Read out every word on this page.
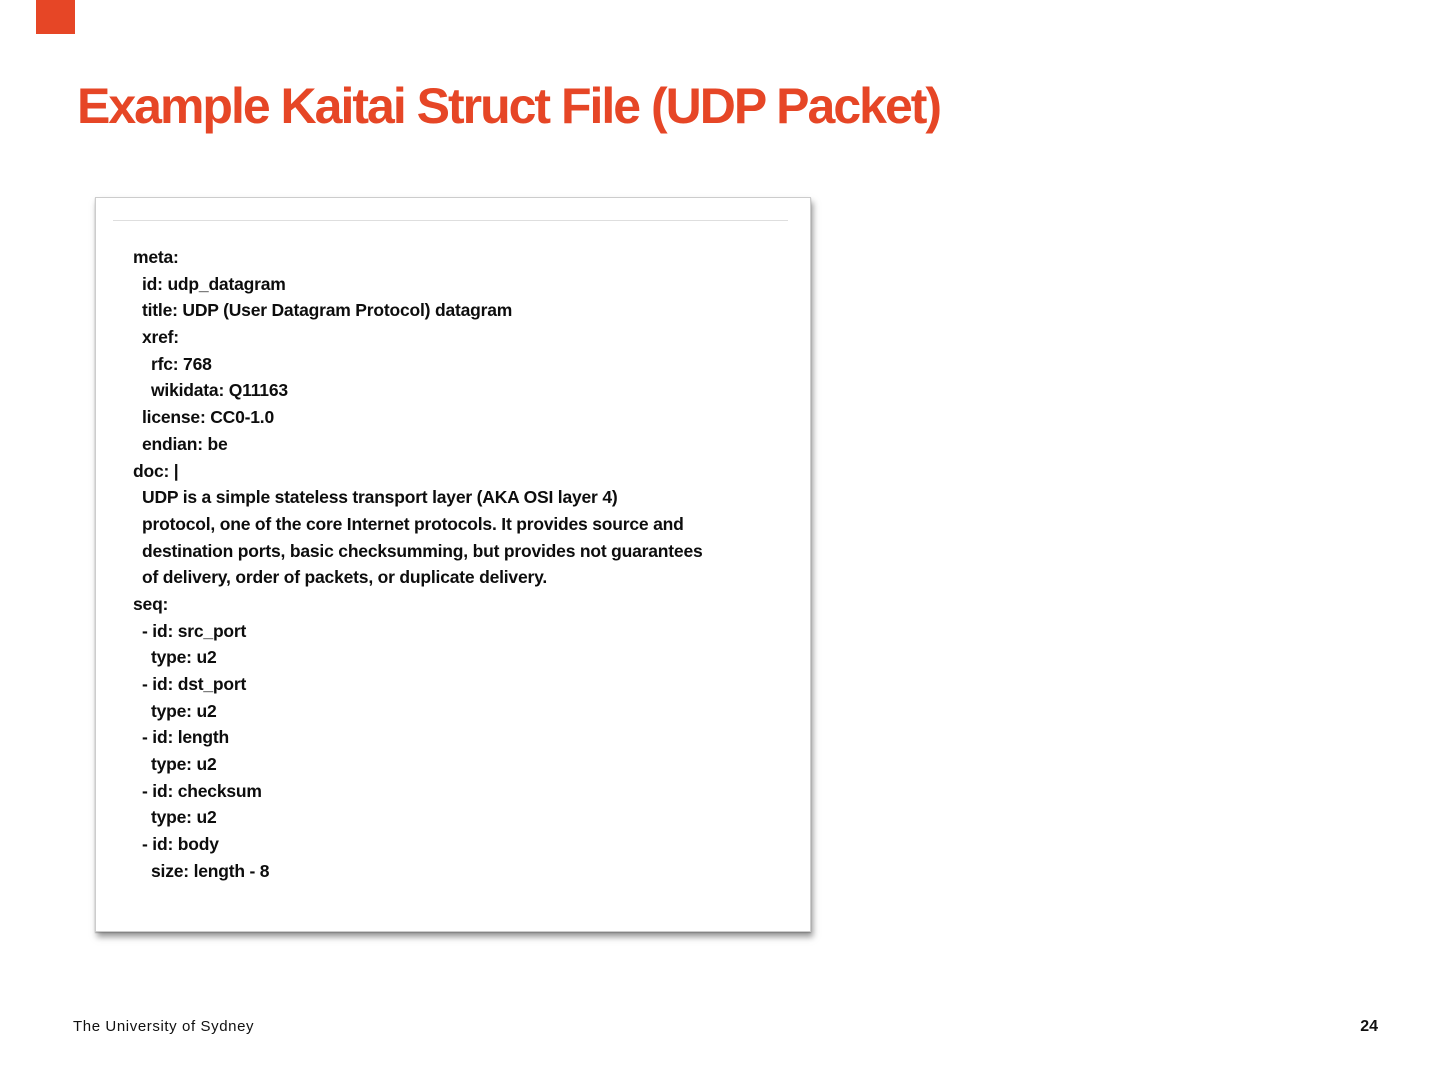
Example Kaitai Struct File (UDP Packet)
meta:
id: udp_datagram
title: UDP (User Datagram Protocol) datagram
xref:
rfc: 768
wikidata: Q11163
license: CC0-1.0
endian: be
doc: |
UDP is a simple stateless transport layer (AKA OSI layer 4)
protocol, one of the core Internet protocols. It provides source and
destination ports, basic checksumming, but provides not guarantees
of delivery, order of packets, or duplicate delivery.
seq:
- id: src_port
type: u2
- id: dst_port
type: u2
- id: length
type: u2
- id: checksum
type: u2
- id: body
size: length - 8
The University of Sydney	24
